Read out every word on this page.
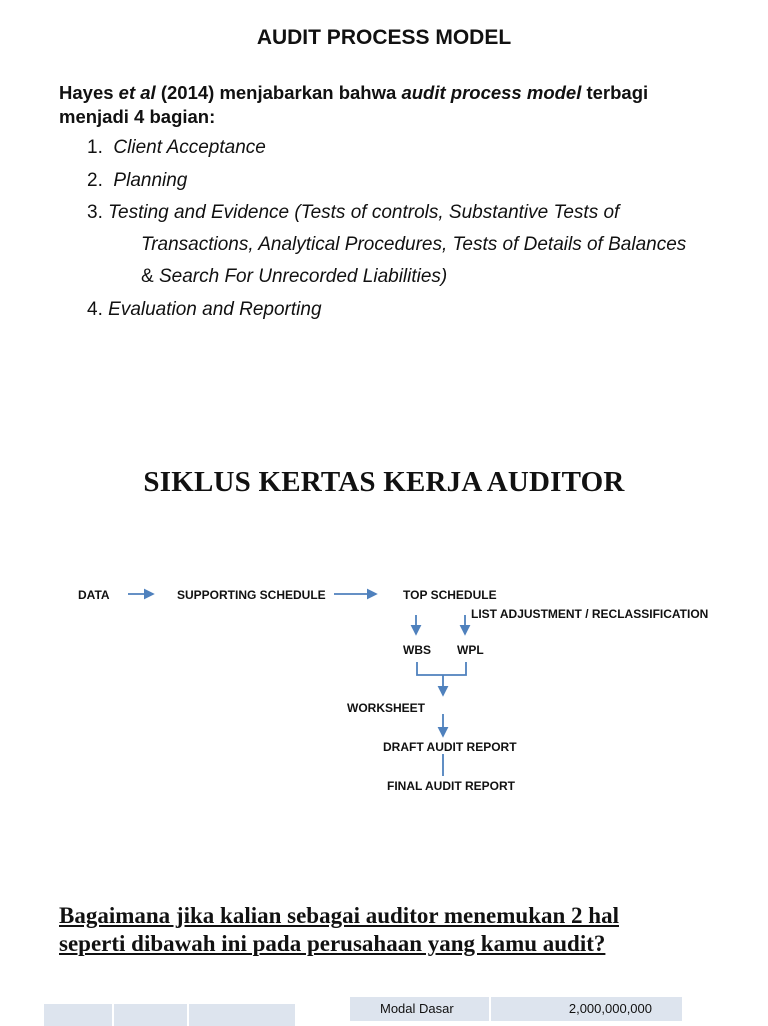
AUDIT PROCESS MODEL
Hayes et al (2014) menjabarkan bahwa audit process model terbagi
menjadi 4 bagian:
1. Client Acceptance
2. Planning
3. Testing and Evidence (Tests of controls, Substantive Tests of
Transactions, Analytical Procedures, Tests of Details of Balances
& Search For Unrecorded Liabilities)
4. Evaluation and Reporting
SIKLUS KERTAS KERJA AUDITOR
DATA	SUPPORTING SCHEDULE	TOP SCHEDULE
LIST ADJUSTMENT / RECLASSIFICATION
WBS WPL
WORKSHEET
DRAFT AUDIT REPORT
FINAL AUDIT REPORT
Bagaimana jika kalian sebagai auditor menemukan 2 hal
seperti dibawah ini pada perusahaan yang kamu audit?
Modal Dasar	2,000,000,000
